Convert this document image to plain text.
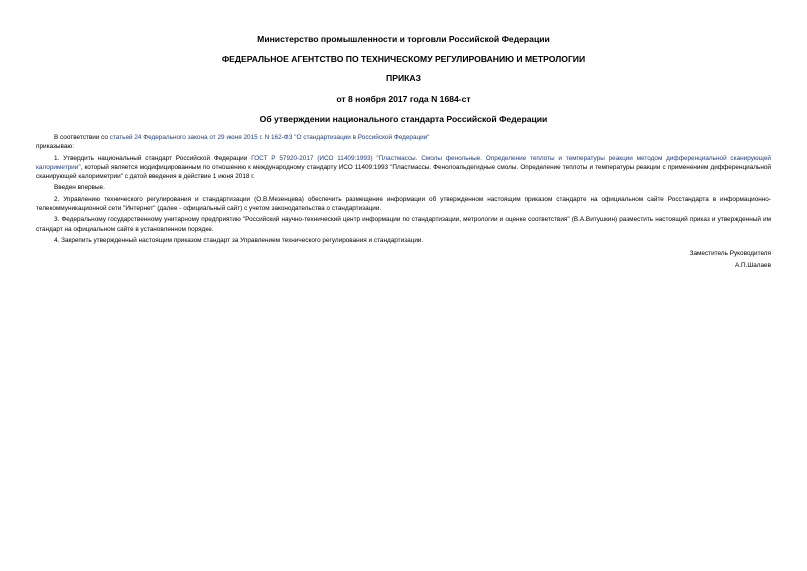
Министерство промышленности и торговли Российской Федерации

ФЕДЕРАЛЬНОЕ АГЕНТСТВО ПО ТЕХНИЧЕСКОМУ РЕГУЛИРОВАНИЮ И МЕТРОЛОГИИ

ПРИКАЗ

от 8 ноября 2017 года N 1684-ст

Об утверждении национального стандарта Российской Федерации

В соответствии со статьей 24 Федерального закона от 29 июня 2015 г. N 162-ФЗ "О стандартизации в Российской Федерации"

приказываю:

1. Утвердить национальный стандарт Российской Федерации ГОСТ Р 57920-2017 (ИСО 11409:1993) "Пластмассы. Смолы фенольные. Определение теплоты и температуры реакции методом дифференциальной сканирующей калориметрии", который является модифицированным по отношению к международному стандарту ИСО 11409:1993 "Пластмассы. Фенолоальдегидные смолы. Определение теплоты и температуры реакции с применением дифференциальной сканирующей калориметрии" с датой введения в действие 1 июня 2018 г.

Введен впервые.

2. Управлению технического регулирования и стандартизации (О.В.Мезенцева) обеспечить размещение информации об утвержденном настоящим приказом стандарте на официальном сайте Росстандарта в информационно-телекоммуникационной сети "Интернет" (далее - официальный сайт) с учетом законодательства о стандартизации.

3. Федеральному государственному унитарному предприятию "Российский научно-технический центр информации по стандартизации, метрологии и оценке соответствия" (В.А.Витушкин) разместить настоящий приказ и утвержденный им стандарт на официальном сайте в установленном порядке.

4. Закрепить утвержденный настоящим приказом стандарт за Управлением технического регулирования и стандартизации.

Заместитель Руководителя
А.П.Шалаев
